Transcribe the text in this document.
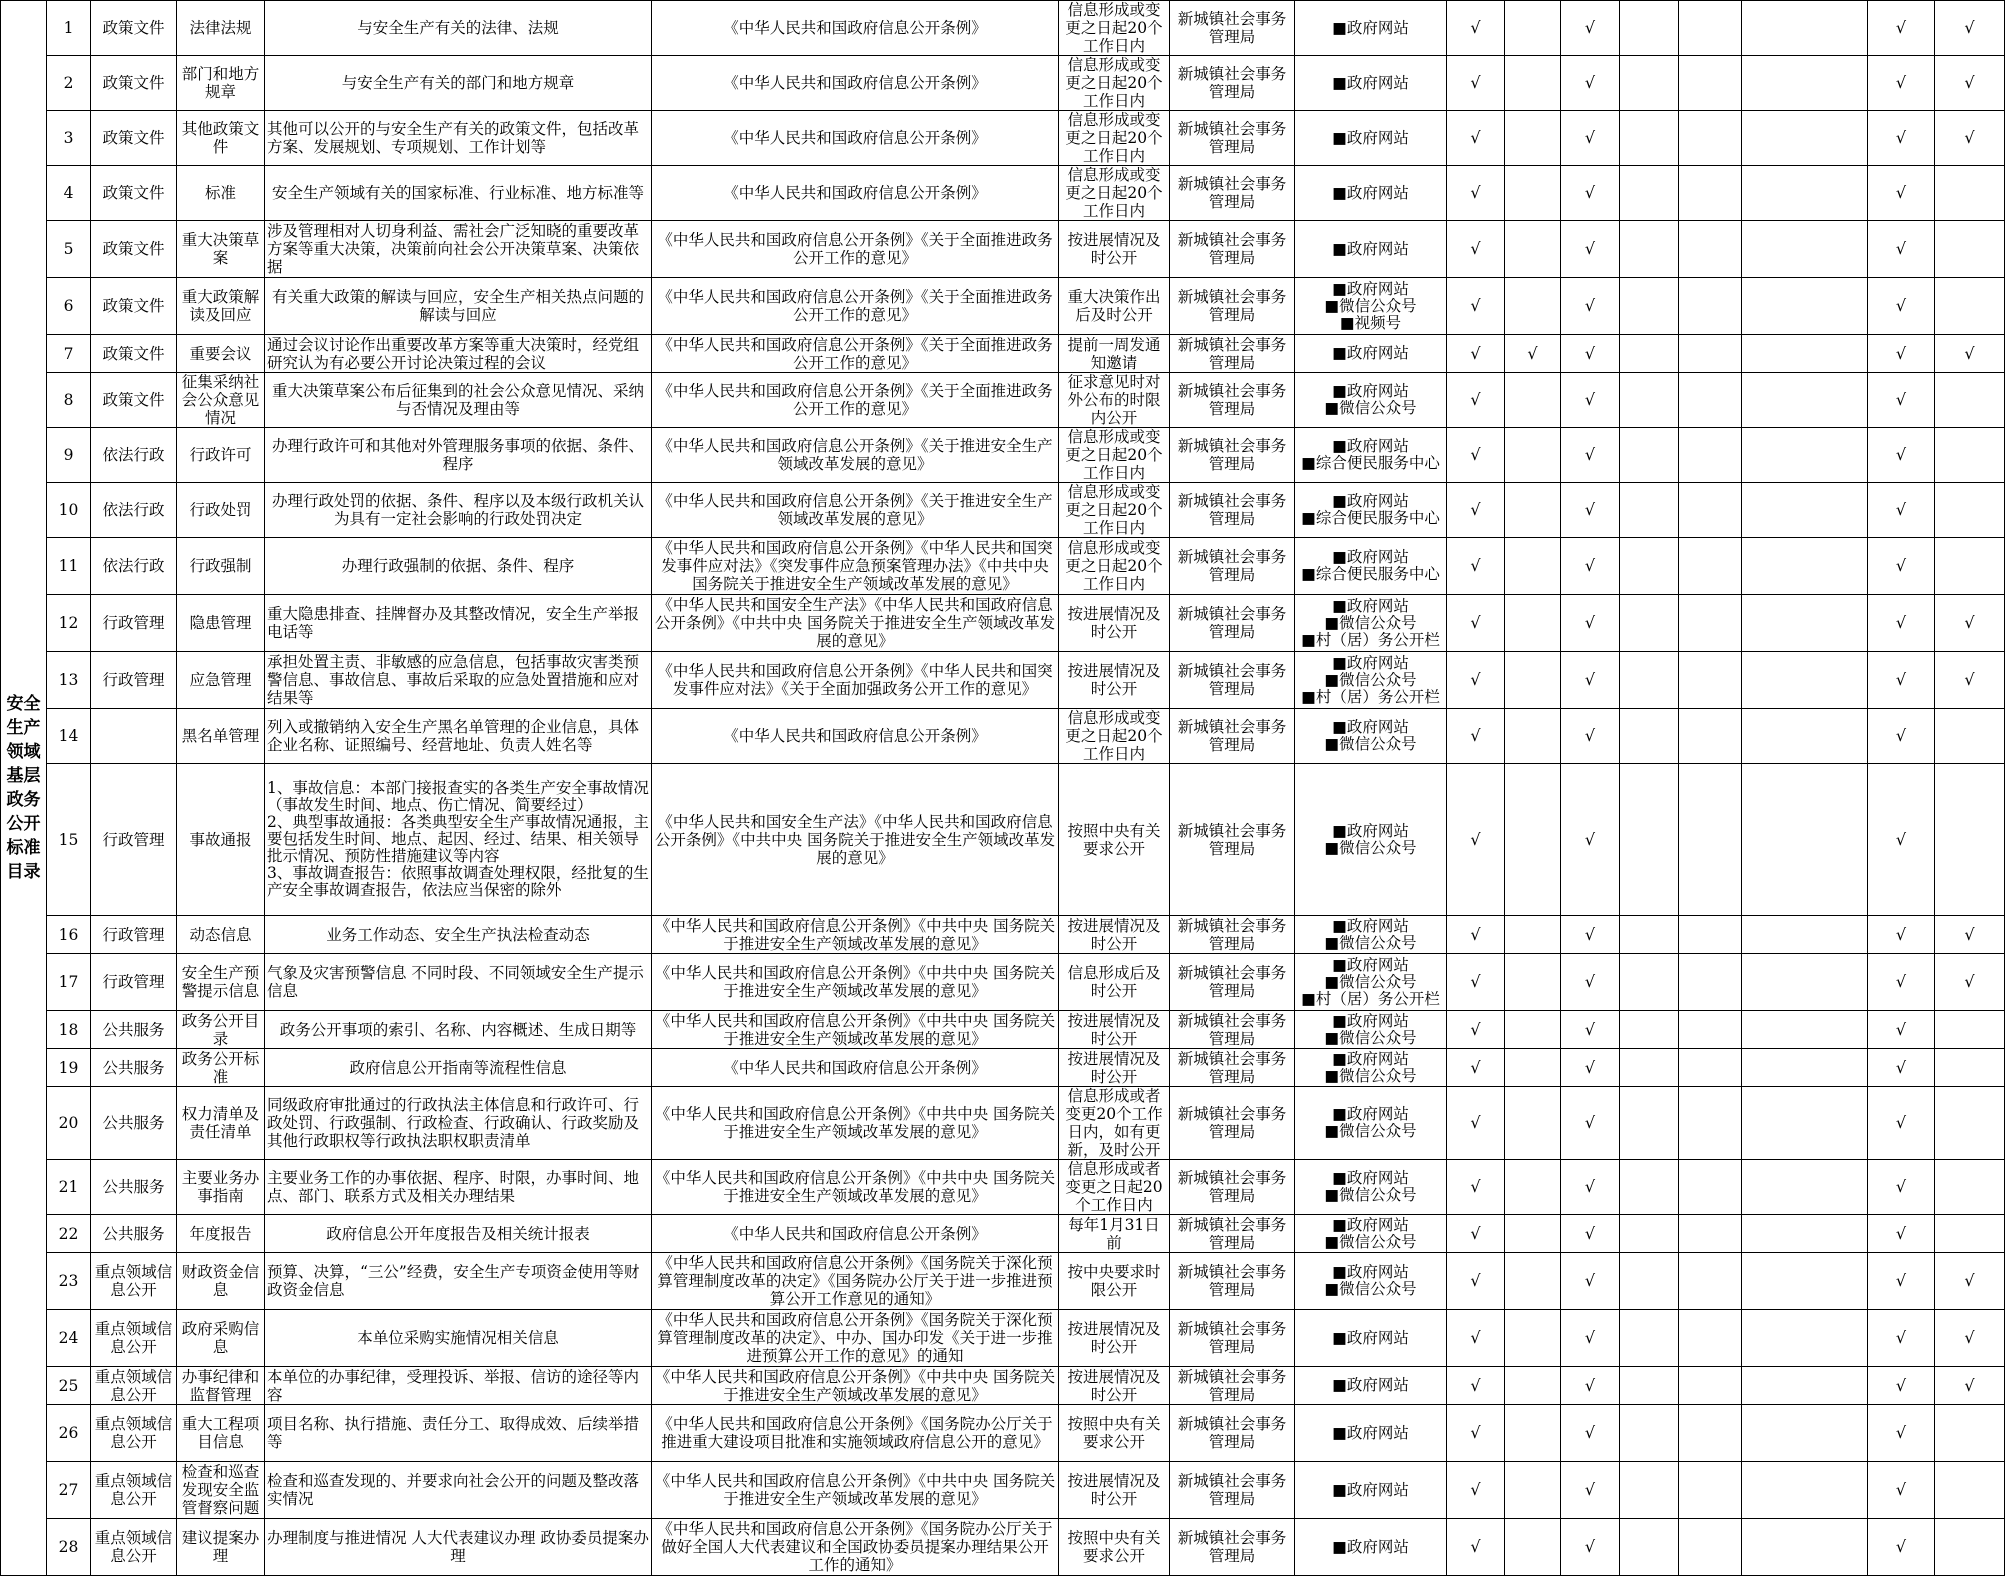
安全生产领域基层政务公开标准目录	1	政策文件	法律法规	与安全生产有关的法律、法规	《中华人民共和国政府信息公开条例》	信息形成或变更之日起20个工作日内	新城镇社会事务管理局	■政府网站	√		√				√	√
	2	政策文件	部门和地方规章	与安全生产有关的部门和地方规章	《中华人民共和国政府信息公开条例》	信息形成或变更之日起20个工作日内	新城镇社会事务管理局	■政府网站	√		√				√	√
	3	政策文件	其他政策文件	其他可以公开的与安全生产有关的政策文件，包括改革方案、发展规划、专项规划、工作计划等	《中华人民共和国政府信息公开条例》	信息形成或变更之日起20个工作日内	新城镇社会事务管理局	■政府网站	√		√				√	√
	4	政策文件	标准	安全生产领域有关的国家标准、行业标准、地方标准等	《中华人民共和国政府信息公开条例》	信息形成或变更之日起20个工作日内	新城镇社会事务管理局	■政府网站	√		√				√	
	5	政策文件	重大决策草案	涉及管理相对人切身利益、需社会广泛知晓的重要改革方案等重大决策，决策前向社会公开决策草案、决策依据	《中华人民共和国政府信息公开条例》《关于全面推进政务公开工作的意见》	按进展情况及时公开	新城镇社会事务管理局	■政府网站	√		√				√	
	6	政策文件	重大政策解读及回应	有关重大政策的解读与回应，安全生产相关热点问题的解读与回应	《中华人民共和国政府信息公开条例》《关于全面推进政务公开工作的意见》	重大决策作出后及时公开	新城镇社会事务管理局	■政府网站
■微信公众号
■视频号	√		√				√	
	7	政策文件	重要会议	通过会议讨论作出重要改革方案等重大决策时，经党组研究认为有必要公开讨论决策过程的会议	《中华人民共和国政府信息公开条例》《关于全面推进政务公开工作的意见》	提前一周发通知邀请	新城镇社会事务管理局	■政府网站	√	√	√				√	√
	8	政策文件	征集采纳社会公众意见情况	重大决策草案公布后征集到的社会公众意见情况、采纳与否情况及理由等	《中华人民共和国政府信息公开条例》《关于全面推进政务公开工作的意见》	征求意见时对外公布的时限内公开	新城镇社会事务管理局	■政府网站
■微信公众号	√		√				√	
	9	依法行政	行政许可	办理行政许可和其他对外管理服务事项的依据、条件、程序	《中华人民共和国政府信息公开条例》《关于推进安全生产领域改革发展的意见》	信息形成或变更之日起20个工作日内	新城镇社会事务管理局	■政府网站
■综合便民服务中心	√		√				√	
	10	依法行政	行政处罚	办理行政处罚的依据、条件、程序以及本级行政机关认为具有一定社会影响的行政处罚决定	《中华人民共和国政府信息公开条例》《关于推进安全生产领域改革发展的意见》	信息形成或变更之日起20个工作日内	新城镇社会事务管理局	■政府网站
■综合便民服务中心	√		√				√	
	11	依法行政	行政强制	办理行政强制的依据、条件、程序	《中华人民共和国政府信息公开条例》《中华人民共和国突发事件应对法》《突发事件应急预案管理办法》《中共中央 国务院关于推进安全生产领域改革发展的意见》	信息形成或变更之日起20个工作日内	新城镇社会事务管理局	■政府网站
■综合便民服务中心	√		√				√	
	12	行政管理	隐患管理	重大隐患排查、挂牌督办及其整改情况，安全生产举报电话等	《中华人民共和国安全生产法》《中华人民共和国政府信息公开条例》《中共中央 国务院关于推进安全生产领域改革发展的意见》	按进展情况及时公开	新城镇社会事务管理局	■政府网站
■微信公众号
■村（居）务公开栏	√		√				√	√
	13	行政管理	应急管理	承担处置主责、非敏感的应急信息，包括事故灾害类预警信息、事故信息、事故后采取的应急处置措施和应对结果等	《中华人民共和国政府信息公开条例》《中华人民共和国突发事件应对法》《关于全面加强政务公开工作的意见》	按进展情况及时公开	新城镇社会事务管理局	■政府网站
■微信公众号
■村（居）务公开栏	√		√				√	√
	14		黑名单管理	列入或撤销纳入安全生产黑名单管理的企业信息，具体企业名称、证照编号、经营地址、负责人姓名等	《中华人民共和国政府信息公开条例》	信息形成或变更之日起20个工作日内	新城镇社会事务管理局	■政府网站
■微信公众号	√		√				√	
	15	行政管理	事故通报	1、事故信息：本部门接报查实的各类生产安全事故情况（事故发生时间、地点、伤亡情况、简要经过）
2、典型事故通报：各类典型安全生产事故情况通报，主要包括发生时间、地点、起因、经过、结果、相关领导批示情况、预防性措施建议等内容
3、事故调查报告：依照事故调查处理权限，经批复的生产安全事故调查报告，依法应当保密的除外	《中华人民共和国安全生产法》《中华人民共和国政府信息公开条例》《中共中央 国务院关于推进安全生产领域改革发展的意见》	按照中央有关要求公开	新城镇社会事务管理局	■政府网站
■微信公众号	√		√				√	
	16	行政管理	动态信息	业务工作动态、安全生产执法检查动态	《中华人民共和国政府信息公开条例》《中共中央 国务院关于推进安全生产领域改革发展的意见》	按进展情况及时公开	新城镇社会事务管理局	■政府网站
■微信公众号	√		√				√	√
	17	行政管理	安全生产预警提示信息	气象及灾害预警信息 不同时段、不同领域安全生产提示信息	《中华人民共和国政府信息公开条例》《中共中央 国务院关于推进安全生产领域改革发展的意见》	信息形成后及时公开	新城镇社会事务管理局	■政府网站
■微信公众号
■村（居）务公开栏	√		√				√	√
	18	公共服务	政务公开目录	政务公开事项的索引、名称、内容概述、生成日期等	《中华人民共和国政府信息公开条例》《中共中央 国务院关于推进安全生产领域改革发展的意见》	按进展情况及时公开	新城镇社会事务管理局	■政府网站
■微信公众号	√		√				√	
	19	公共服务	政务公开标准	政府信息公开指南等流程性信息	《中华人民共和国政府信息公开条例》	按进展情况及时公开	新城镇社会事务管理局	■政府网站
■微信公众号	√		√				√	
	20	公共服务	权力清单及责任清单	同级政府审批通过的行政执法主体信息和行政许可、行政处罚、行政强制、行政检查、行政确认、行政奖励及其他行政职权等行政执法职权职责清单	《中华人民共和国政府信息公开条例》《中共中央 国务院关于推进安全生产领域改革发展的意见》	信息形成或者变更20个工作日内，如有更新，及时公开	新城镇社会事务管理局	■政府网站
■微信公众号	√		√				√	
	21	公共服务	主要业务办事指南	主要业务工作的办事依据、程序、时限，办事时间、地点、部门、联系方式及相关办理结果	《中华人民共和国政府信息公开条例》《中共中央 国务院关于推进安全生产领域改革发展的意见》	信息形成或者变更之日起20个工作日内	新城镇社会事务管理局	■政府网站
■微信公众号	√		√				√	
	22	公共服务	年度报告	政府信息公开年度报告及相关统计报表	《中华人民共和国政府信息公开条例》	每年1月31日前	新城镇社会事务管理局	■政府网站
■微信公众号	√		√				√	
	23	重点领域信息公开	财政资金信息	预算、决算，“三公”经费，安全生产专项资金使用等财政资金信息	《中华人民共和国政府信息公开条例》《国务院关于深化预算管理制度改革的决定》《国务院办公厅关于进一步推进预算公开工作意见的通知》	按中央要求时限公开	新城镇社会事务管理局	■政府网站
■微信公众号	√		√				√	√
	24	重点领域信息公开	政府采购信息	本单位采购实施情况相关信息	《中华人民共和国政府信息公开条例》《国务院关于深化预算管理制度改革的决定》、中办、国办印发《关于进一步推进预算公开工作的意见》的通知	按进展情况及时公开	新城镇社会事务管理局	■政府网站	√		√				√	√
	25	重点领域信息公开	办事纪律和监督管理	本单位的办事纪律，受理投诉、举报、信访的途径等内容	《中华人民共和国政府信息公开条例》《中共中央 国务院关于推进安全生产领域改革发展的意见》	按进展情况及时公开	新城镇社会事务管理局	■政府网站	√		√				√	√
	26	重点领域信息公开	重大工程项目信息	项目名称、执行措施、责任分工、取得成效、后续举措等	《中华人民共和国政府信息公开条例》《国务院办公厅关于推进重大建设项目批准和实施领域政府信息公开的意见》	按照中央有关要求公开	新城镇社会事务管理局	■政府网站	√		√				√	
	27	重点领域信息公开	检查和巡查发现安全监管督察问题	检查和巡查发现的、并要求向社会公开的问题及整改落实情况	《中华人民共和国政府信息公开条例》《中共中央 国务院关于推进安全生产领域改革发展的意见》	按进展情况及时公开	新城镇社会事务管理局	■政府网站	√		√				√	
	28	重点领域信息公开	建议提案办理	办理制度与推进情况 人大代表建议办理 政协委员提案办理	《中华人民共和国政府信息公开条例》《国务院办公厅关于做好全国人大代表建议和全国政协委员提案办理结果公开工作的通知》	按照中央有关要求公开	新城镇社会事务管理局	■政府网站	√		√				√	
